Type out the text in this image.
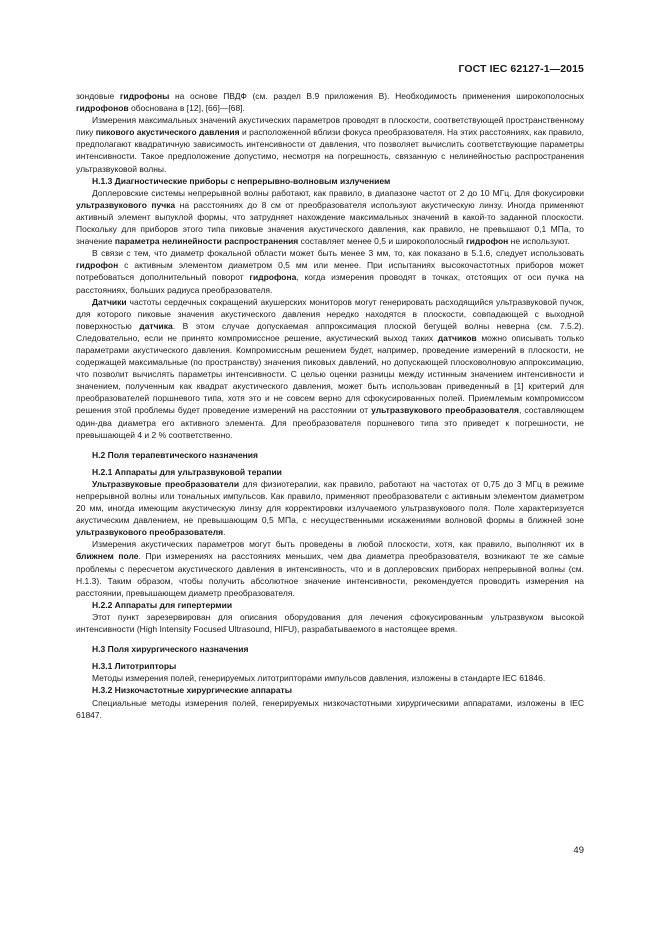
ГОСТ IEC 62127-1—2015

зондовые гидрофоны на основе ПВДФ (см. раздел В.9 приложения В). Необходимость применения широкополосных гидрофонов обоснована в [12], [66]—[68].

Измерения максимальных значений акустических параметров проводят в плоскости, соответствующей пространственному пику пикового акустического давления и расположенной вблизи фокуса преобразователя. На этих расстояниях, как правило, предполагают квадратичную зависимость интенсивности от давления, что позволяет вычислить соответствующие параметры интенсивности. Такое предположение допустимо, несмотря на погрешность, связанную с нелинейностью распространения ультразвуковой волны.

Н.1.3 Диагностические приборы с непрерывно-волновым излучением

Доплеровские системы непрерывной волны работают, как правило, в диапазоне частот от 2 до 10 МГц. Для фокусировки ультразвукового пучка на расстояниях до 8 см от преобразователя используют акустическую линзу. Иногда применяют активный элемент выпуклой формы, что затрудняет нахождение максимальных значений в какой-то заданной плоскости. Поскольку для приборов этого типа пиковые значения акустического давления, как правило, не превышают 0,1 МПа, то значение параметра нелинейности распространения составляет менее 0,5 и широкополосный гидрофон не используют.

В связи с тем, что диаметр фокальной области может быть менее 3 мм, то, как показано в 5.1.6, следует использовать гидрофон с активным элементом диаметром 0,5 мм или менее. При испытаниях высокочастотных приборов может потребоваться дополнительный поворот гидрофона, когда измерения проводят в точках, отстоящих от оси пучка на расстояниях, больших радиуса преобразователя.

Датчики частоты сердечных сокращений акушерских мониторов могут генерировать расходящийся ультразвуковой пучок, для которого пиковые значения акустического давления нередко находятся в плоскости, совпадающей с выходной поверхностью датчика. В этом случае допускаемая аппроксимация плоской бегущей волны неверна (см. 7.5.2). Следовательно, если не принято компромиссное решение, акустический выход таких датчиков можно описывать только параметрами акустического давления. Компромиссным решением будет, например, проведение измерений в плоскости, не содержащей максимальные (по пространству) значения пиковых давлений, но допускающей плосковолновую аппроксимацию, что позволит вычислять параметры интенсивности. С целью оценки разницы между истинным значением интенсивности и значением, полученным как квадрат акустического давления, может быть использован приведенный в [1] критерий для преобразователей поршневого типа, хотя это и не совсем верно для сфокусированных полей. Приемлемым компромиссом решения этой проблемы будет проведение измерений на расстоянии от ультразвукового преобразователя, составляющем один-два диаметра его активного элемента. Для преобразователя поршневого типа это приведет к погрешности, не превышающей 4 и 2 % соответственно.

Н.2 Поля терапевтического назначения

Н.2.1 Аппараты для ультразвуковой терапии

Ультразвуковые преобразователи для физиотерапии, как правило, работают на частотах от 0,75 до 3 МГц в режиме непрерывной волны или тональных импульсов. Как правило, применяют преобразователи с активным элементом диаметром 20 мм, иногда имеющим акустическую линзу для корректировки излучаемого ультразвукового поля. Поле характеризуется акустическим давлением, не превышающим 0,5 МПа, с несущественными искажениями волновой формы в ближней зоне ультразвукового преобразователя.

Измерения акустических параметров могут быть проведены в любой плоскости, хотя, как правило, выполняют их в ближнем поле. При измерениях на расстояниях меньших, чем два диаметра преобразователя, возникают те же самые проблемы с пересчетом акустического давления в интенсивность, что и в доплеровских приборах непрерывной волны (см. Н.1.3). Таким образом, чтобы получить абсолютное значение интенсивности, рекомендуется проводить измерения на расстоянии, превышающем диаметр преобразователя.

Н.2.2 Аппараты для гипертермии

Этот пункт зарезервирован для описания оборудования для лечения сфокусированным ультразвуком высокой интенсивности (High Intensity Focused Ultrasound, HIFU), разрабатываемого в настоящее время.

Н.3 Поля хирургического назначения

Н.3.1 Литотрипторы

Методы измерения полей, генерируемых литотрипторами импульсов давления, изложены в стандарте IEC 61846.

Н.3.2 Низкочастотные хирургические аппараты

Специальные методы измерения полей, генерируемых низкочастотными хирургическими аппаратами, изложены в IEC 61847.

49
